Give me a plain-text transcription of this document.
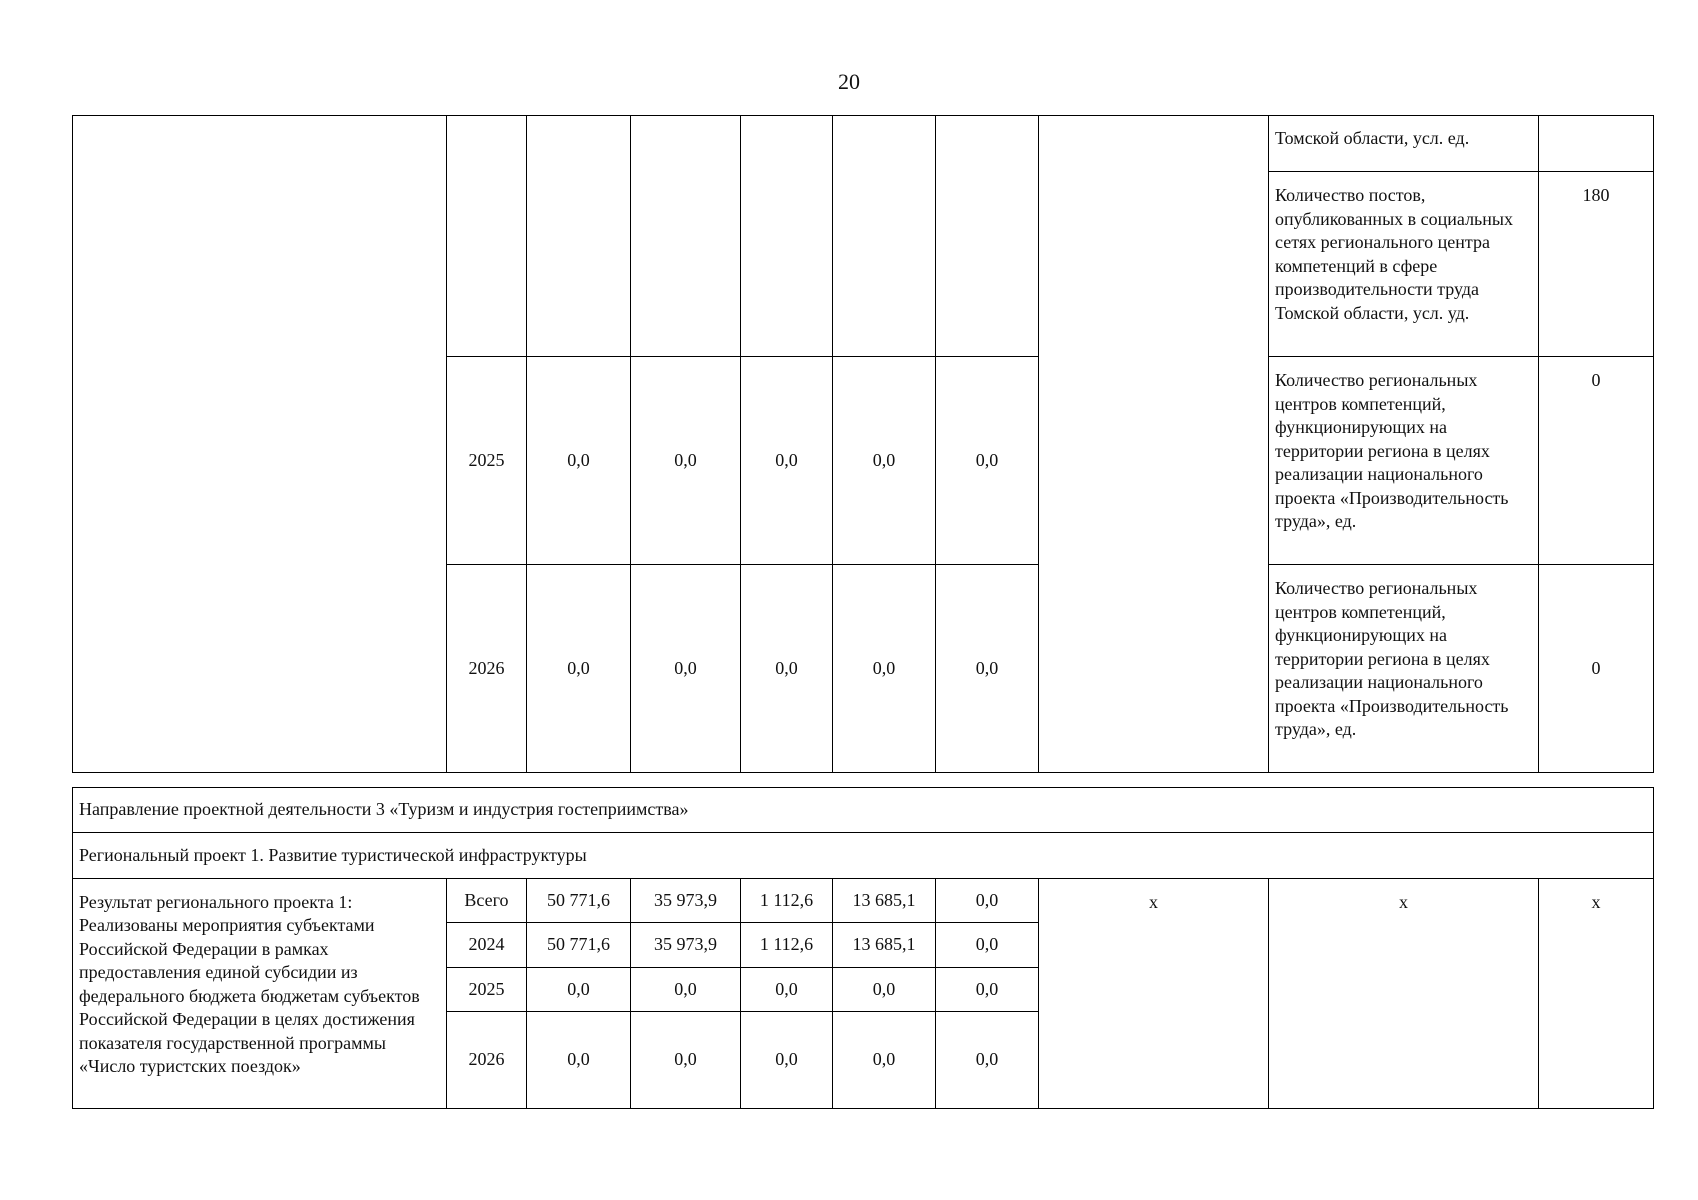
20
								Томской области, усл. ед.	
								Количество постов, опубликованных в социальных сетях регионального центра компетенций в сфере производительности труда Томской области, усл. уд.	180
	2025	0,0	0,0	0,0	0,0	0,0		Количество региональных центров компетенций, функционирующих на территории региона в целях реализации национального проекта «Производительность труда», ед.	0
	2026	0,0	0,0	0,0	0,0	0,0		Количество региональных центров компетенций, функционирующих на территории региона в целях реализации национального проекта «Производительность труда», ед.	0
Направление проектной деятельности 3 «Туризм и индустрия гостеприимства»									
Региональный проект 1. Развитие туристической инфраструктуры									
Результат регионального проекта 1: Реализованы мероприятия субъектами Российской Федерации в рамках предоставления единой субсидии из федерального бюджета бюджетам субъектов Российской Федерации в целях достижения показателя государственной программы «Число туристских поездок»	Всего	50 771,6	35 973,9	1 112,6	13 685,1	0,0	х	х	х
	2024	50 771,6	35 973,9	1 112,6	13 685,1	0,0			
	2025	0,0	0,0	0,0	0,0	0,0			
	2026	0,0	0,0	0,0	0,0	0,0			
